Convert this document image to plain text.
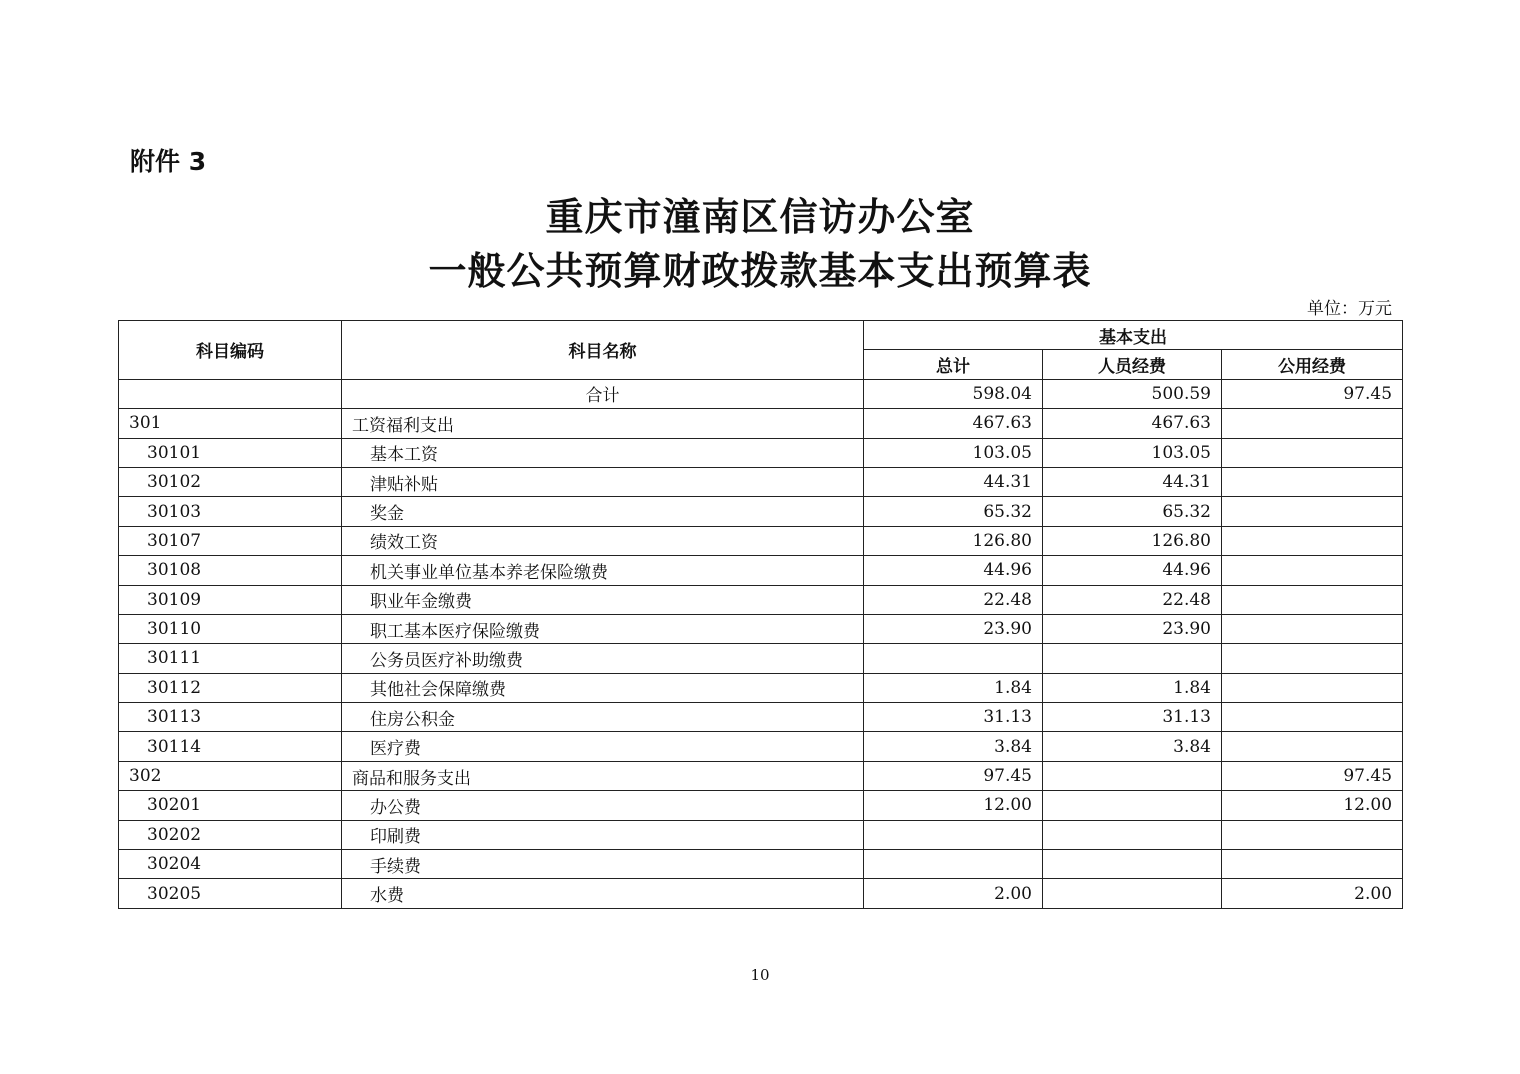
附件 3
重庆市潼南区信访办公室
一般公共预算财政拨款基本支出预算表
单位：万元
科目编码	科目名称	基本支出		
		总计	人员经费	公用经费
	合计	598.04	500.59	97.45
301	工资福利支出	467.63	467.63	
30101	基本工资	103.05	103.05	
30102	津贴补贴	44.31	44.31	
30103	奖金	65.32	65.32	
30107	绩效工资	126.80	126.80	
30108	机关事业单位基本养老保险缴费	44.96	44.96	
30109	职业年金缴费	22.48	22.48	
30110	职工基本医疗保险缴费	23.90	23.90	
30111	公务员医疗补助缴费			
30112	其他社会保障缴费	1.84	1.84	
30113	住房公积金	31.13	31.13	
30114	医疗费	3.84	3.84	
302	商品和服务支出	97.45		97.45
30201	办公费	12.00		12.00
30202	印刷费			
30204	手续费			
30205	水费	2.00		2.00
10
